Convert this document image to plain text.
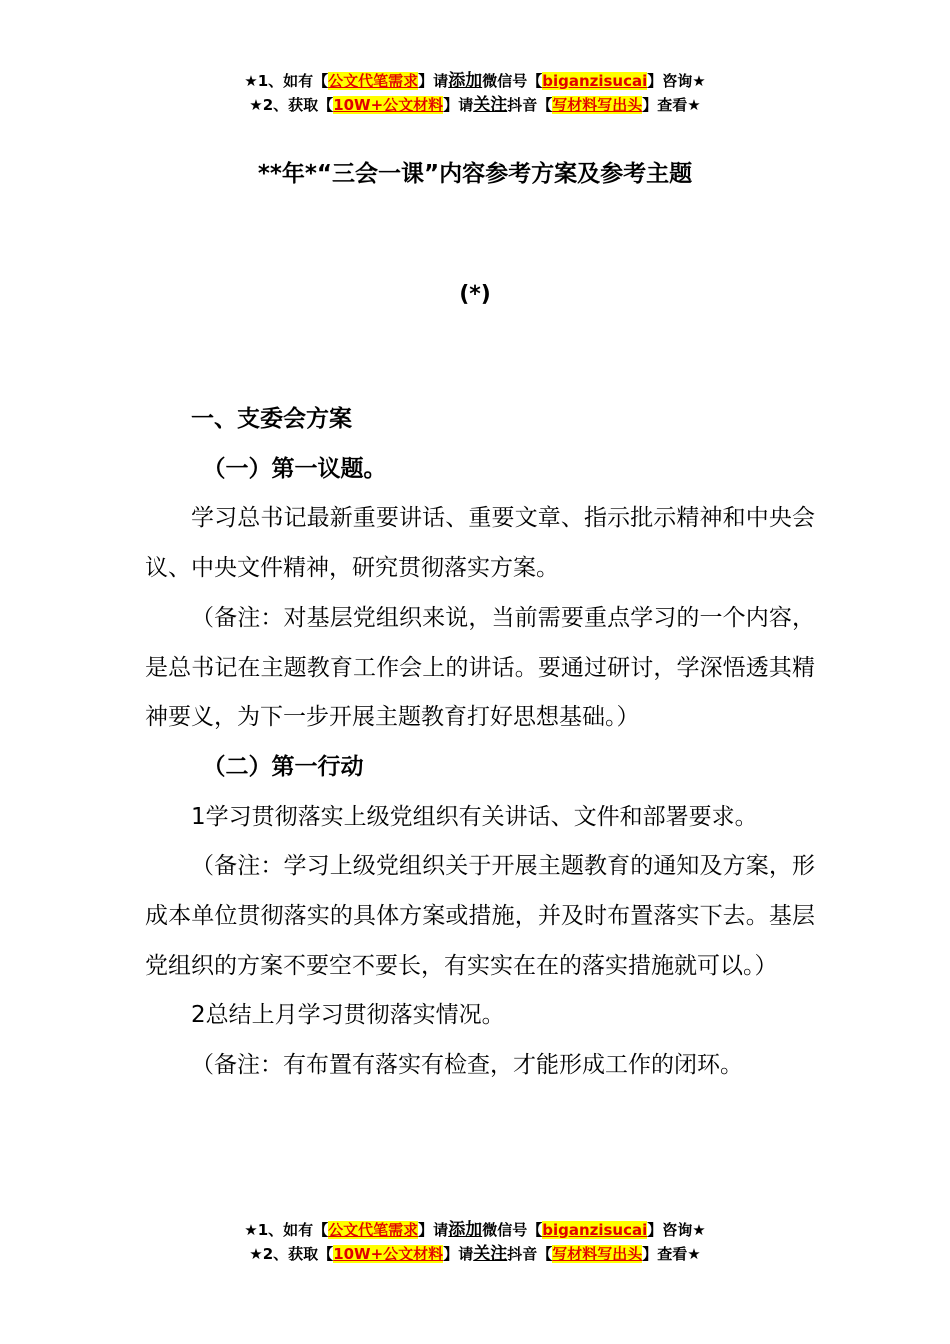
★1、如有【公文代笔需求】请添加微信号【biganzisucai】咨询★
★2、获取【10W+公文材料】请关注抖音【写材料写出头】查看★
**年*“三会一课”内容参考方案及参考主题
(*)

一、支委会方案

（一）第一议题。

学习总书记最新重要讲话、重要文章、指示批示精神和中央会议、中央文件精神，研究贯彻落实方案。

（备注：对基层党组织来说，当前需要重点学习的一个内容，是总书记在主题教育工作会上的讲话。要通过研讨，学深悟透其精神要义，为下一步开展主题教育打好思想基础。）

（二）第一行动

1学习贯彻落实上级党组织有关讲话、文件和部署要求。

（备注：学习上级党组织关于开展主题教育的通知及方案，形成本单位贯彻落实的具体方案或措施，并及时布置落实下去。基层党组织的方案不要空不要长，有实实在在的落实措施就可以。）

2总结上月学习贯彻落实情况。

（备注：有布置有落实有检查，才能形成工作的闭环。

★1、如有【公文代笔需求】请添加微信号【biganzisucai】咨询★
★2、获取【10W+公文材料】请关注抖音【写材料写出头】查看★
